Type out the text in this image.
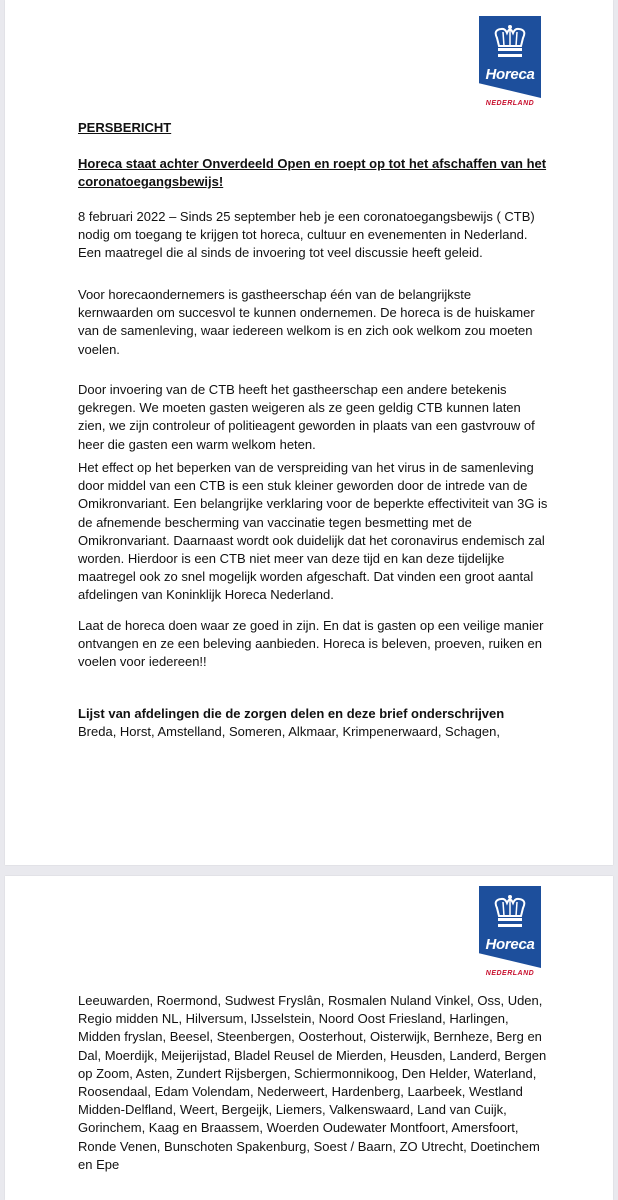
Horeca
NEDERLAND

PERSBERICHT

Horeca staat achter Onverdeeld Open en roept op tot het afschaffen van het coronatoegangsbewijs!

8 februari 2022 – Sinds 25 september heb je een coronatoegangsbewijs ( CTB) nodig om toegang te krijgen tot horeca, cultuur en evenementen in Nederland. Een maatregel die al sinds de invoering tot veel discussie heeft geleid.

Voor horecaondernemers is gastheerschap één van de belangrijkste kernwaarden om succesvol te kunnen ondernemen. De horeca is de huiskamer van de samenleving, waar iedereen welkom is en zich ook welkom zou moeten voelen.

Door invoering van de CTB heeft het gastheerschap een andere betekenis gekregen. We moeten gasten weigeren als ze geen geldig CTB kunnen laten zien, we zijn controleur of politieagent geworden in plaats van een gastvrouw of heer die gasten een warm welkom heten.

Het effect op het beperken van de verspreiding van het virus in de samenleving door middel van een CTB is een stuk kleiner geworden door de intrede van de Omikronvariant. Een belangrijke verklaring voor de beperkte effectiviteit van 3G is de afnemende bescherming van vaccinatie tegen besmetting met de Omikronvariant. Daarnaast wordt ook duidelijk dat het coronavirus endemisch zal worden. Hierdoor is een CTB niet meer van deze tijd en kan deze tijdelijke maatregel ook zo snel mogelijk worden afgeschaft. Dat vinden een groot aantal afdelingen van Koninklijk Horeca Nederland.

Laat de horeca doen waar ze goed in zijn. En dat is gasten op een veilige manier ontvangen en ze een beleving aanbieden. Horeca is beleven, proeven, ruiken en voelen voor iedereen!!

Lijst van afdelingen die de zorgen delen en deze brief onderschrijven

Breda, Horst, Amstelland, Someren, Alkmaar, Krimpenerwaard, Schagen,

Horeca
NEDERLAND

Leeuwarden, Roermond, Sudwest Fryslân, Rosmalen Nuland Vinkel, Oss, Uden, Regio midden NL, Hilversum, IJsselstein, Noord Oost Friesland, Harlingen, Midden fryslan, Beesel, Steenbergen, Oosterhout, Oisterwijk, Bernheze, Berg en Dal, Moerdijk, Meijerijstad, Bladel Reusel de Mierden, Heusden, Landerd, Bergen op Zoom, Asten, Zundert Rijsbergen, Schiermonnikoog, Den Helder, Waterland, Roosendaal, Edam Volendam, Nederweert, Hardenberg, Laarbeek, Westland Midden-Delfland, Weert, Bergeijk, Liemers, Valkenswaard, Land van Cuijk, Gorinchem, Kaag en Braassem, Woerden Oudewater Montfoort, Amersfoort, Ronde Venen, Bunschoten Spakenburg, Soest / Baarn, ZO Utrecht, Doetinchem en Epe
